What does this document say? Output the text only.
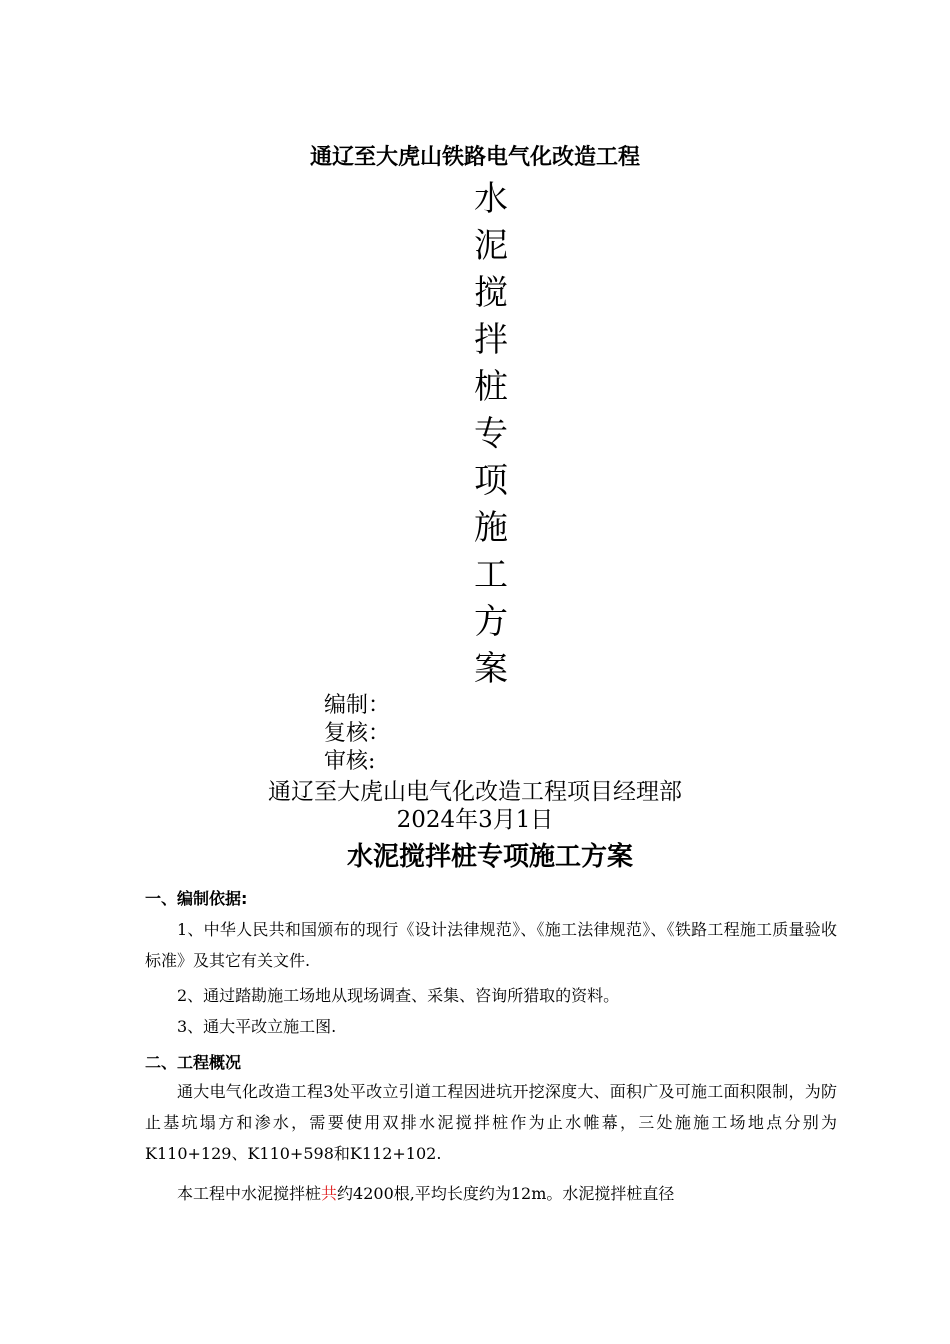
通辽至大虎山铁路电气化改造工程
水
泥
搅
拌
桩
专
项
施
工
方
案
编制：
复核：
审核:
通辽至大虎山电气化改造工程项目经理部
2024年3月1日
水泥搅拌桩专项施工方案
一、编制依据:

1、中华人民共和国颁布的现行《设计法律规范》、《施工法律规范》、《铁路工程施工质量验收标准》及其它有关文件.

2、通过踏勘施工场地从现场调查、采集、咨询所猎取的资料。

3、通大平改立施工图.

二、工程概况

通大电气化改造工程3处平改立引道工程因进坑开挖深度大、面积广及可施工面积限制，为防止基坑塌方和渗水，需要使用双排水泥搅拌桩作为止水帷幕，三处施施工场地点分别为K110+129、K110+598和K112+102.

本工程中水泥搅拌桩共约4200根,平均长度约为12m。水泥搅拌桩直径
